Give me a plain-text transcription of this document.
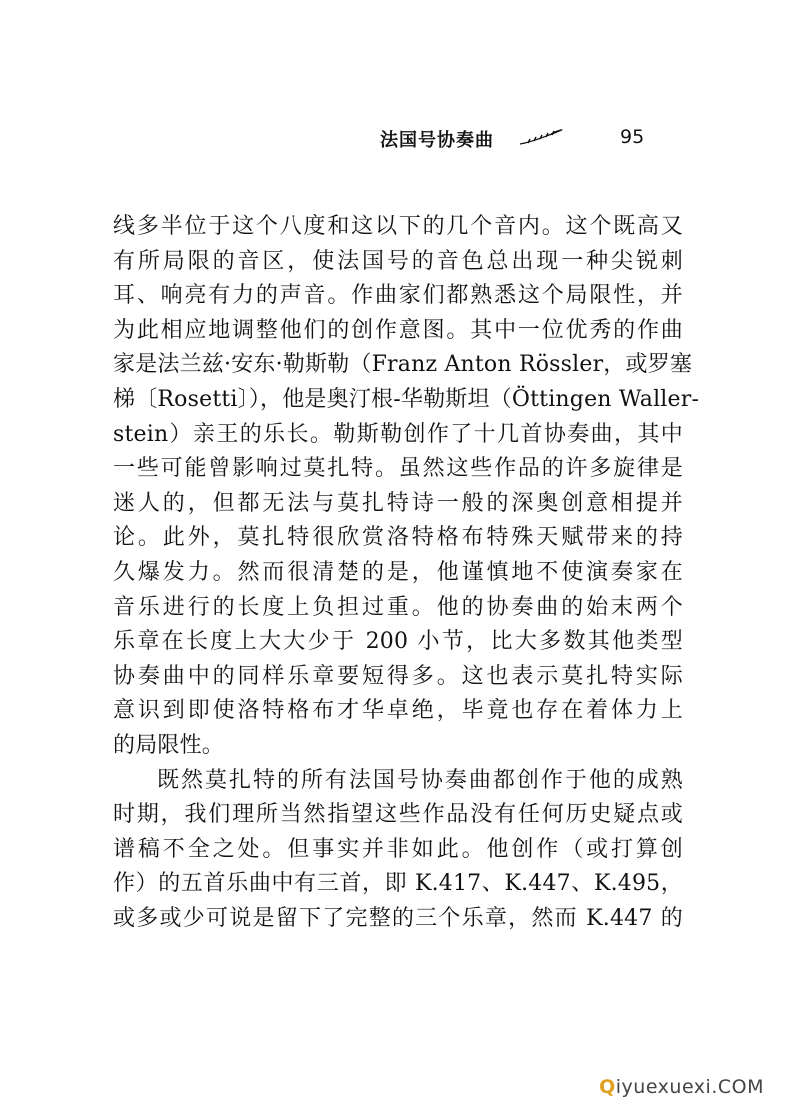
法国号协奏曲	95
线多半位于这个八度和这以下的几个音内。这个既高又
有所局限的音区，使法国号的音色总出现一种尖锐刺
耳、响亮有力的声音。作曲家们都熟悉这个局限性，并
为此相应地调整他们的创作意图。其中一位优秀的作曲
家是法兰兹·安东·勒斯勒（Franz Anton Rössler，或罗塞
梯〔Rosetti〕），他是奥汀根-华勒斯坦（Öttingen Waller-
stein）亲王的乐长。勒斯勒创作了十几首协奏曲，其中
一些可能曾影响过莫扎特。虽然这些作品的许多旋律是
迷人的，但都无法与莫扎特诗一般的深奥创意相提并
论。此外，莫扎特很欣赏洛特格布特殊天赋带来的持
久爆发力。然而很清楚的是，他谨慎地不使演奏家在
音乐进行的长度上负担过重。他的协奏曲的始末两个
乐章在长度上大大少于 200 小节，比大多数其他类型
协奏曲中的同样乐章要短得多。这也表示莫扎特实际
意识到即使洛特格布才华卓绝，毕竟也存在着体力上
的局限性。
既然莫扎特的所有法国号协奏曲都创作于他的成熟
时期，我们理所当然指望这些作品没有任何历史疑点或
谱稿不全之处。但事实并非如此。他创作（或打算创
作）的五首乐曲中有三首，即 K.417、K.447、K.495，
或多或少可说是留下了完整的三个乐章，然而 K.447 的
Qiyuexuexi.COM
